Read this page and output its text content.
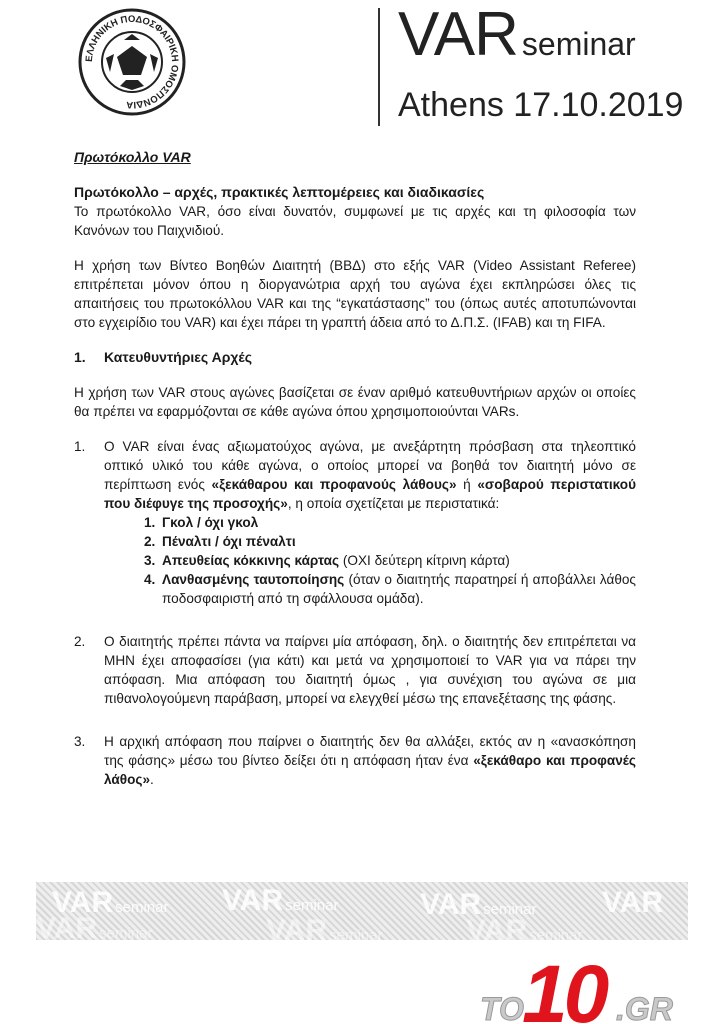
ΕΛΛΗΝΙΚΗ ΠΟΔΟΣΦΑΙΡΙΚΗ ΟΜΟΣΠΟΝΔΙΑ
VAR seminar
Athens 17.10.2019

Πρωτόκολλο VAR

Πρωτόκολλο – αρχές, πρακτικές λεπτομέρειες και διαδικασίες

Το πρωτόκολλο VAR, όσο είναι δυνατόν, συμφωνεί με τις αρχές και τη φιλοσοφία των Κανόνων του Παιχνιδιού.

Η χρήση των Βίντεο Βοηθών Διαιτητή (ΒΒΔ) στο εξής VAR (Video Assistant Referee) επιτρέπεται μόνον όπου η διοργανώτρια αρχή του αγώνα έχει εκπληρώσει όλες τις απαιτήσεις του πρωτοκόλλου VAR και της “εγκατάστασης” του (όπως αυτές αποτυπώνονται στο εγχειρίδιο του VAR) και έχει πάρει τη γραπτή άδεια από το Δ.Π.Σ. (IFAB) και τη FIFA.

1. Κατευθυντήριες Αρχές

Η χρήση των VAR στους αγώνες βασίζεται σε έναν αριθμό κατευθυντήριων αρχών οι οποίες θα πρέπει να εφαρμόζονται σε κάθε αγώνα όπου χρησιμοποιούνται VARs.

1. Ο VAR είναι ένας αξιωματούχος αγώνα, με ανεξάρτητη πρόσβαση στα τηλεοπτικό οπτικό υλικό του κάθε αγώνα, ο οποίος μπορεί να βοηθά τον διαιτητή μόνο σε περίπτωση ενός «ξεκάθαρου και προφανούς λάθους» ή «σοβαρού περιστατικού που διέφυγε της προσοχής», η οποία σχετίζεται με περιστατικά:
1. Γκολ / όχι γκολ
2. Πέναλτι / όχι πέναλτι
3. Απευθείας κόκκινης κάρτας (ΟΧΙ δεύτερη κίτρινη κάρτα)
4. Λανθασμένης ταυτοποίησης (όταν ο διαιτητής παρατηρεί ή αποβάλλει λάθος ποδοσφαιριστή από τη σφάλλουσα ομάδα).
2. Ο διαιτητής πρέπει πάντα να παίρνει μία απόφαση, δηλ. ο διαιτητής δεν επιτρέπεται να ΜΗΝ έχει αποφασίσει (για κάτι) και μετά να χρησιμοποιεί το VAR για να πάρει την απόφαση. Μια απόφαση του διαιτητή όμως , για συνέχιση του αγώνα σε μια πιθανολογούμενη παράβαση, μπορεί να ελεγχθεί μέσω της επανεξέτασης της φάσης.
3. Η αρχική απόφαση που παίρνει ο διαιτητής δεν θα αλλάξει, εκτός αν η «ανασκόπηση της φάσης» μέσω του βίντεο δείξει ότι η απόφαση ήταν ένα «ξεκάθαρο και προφανές λάθος».
VAR seminar VAR seminar	VAR seminar VAR
VAR seminar	VAR seminar	VAR seminar
TO
10 .GR
